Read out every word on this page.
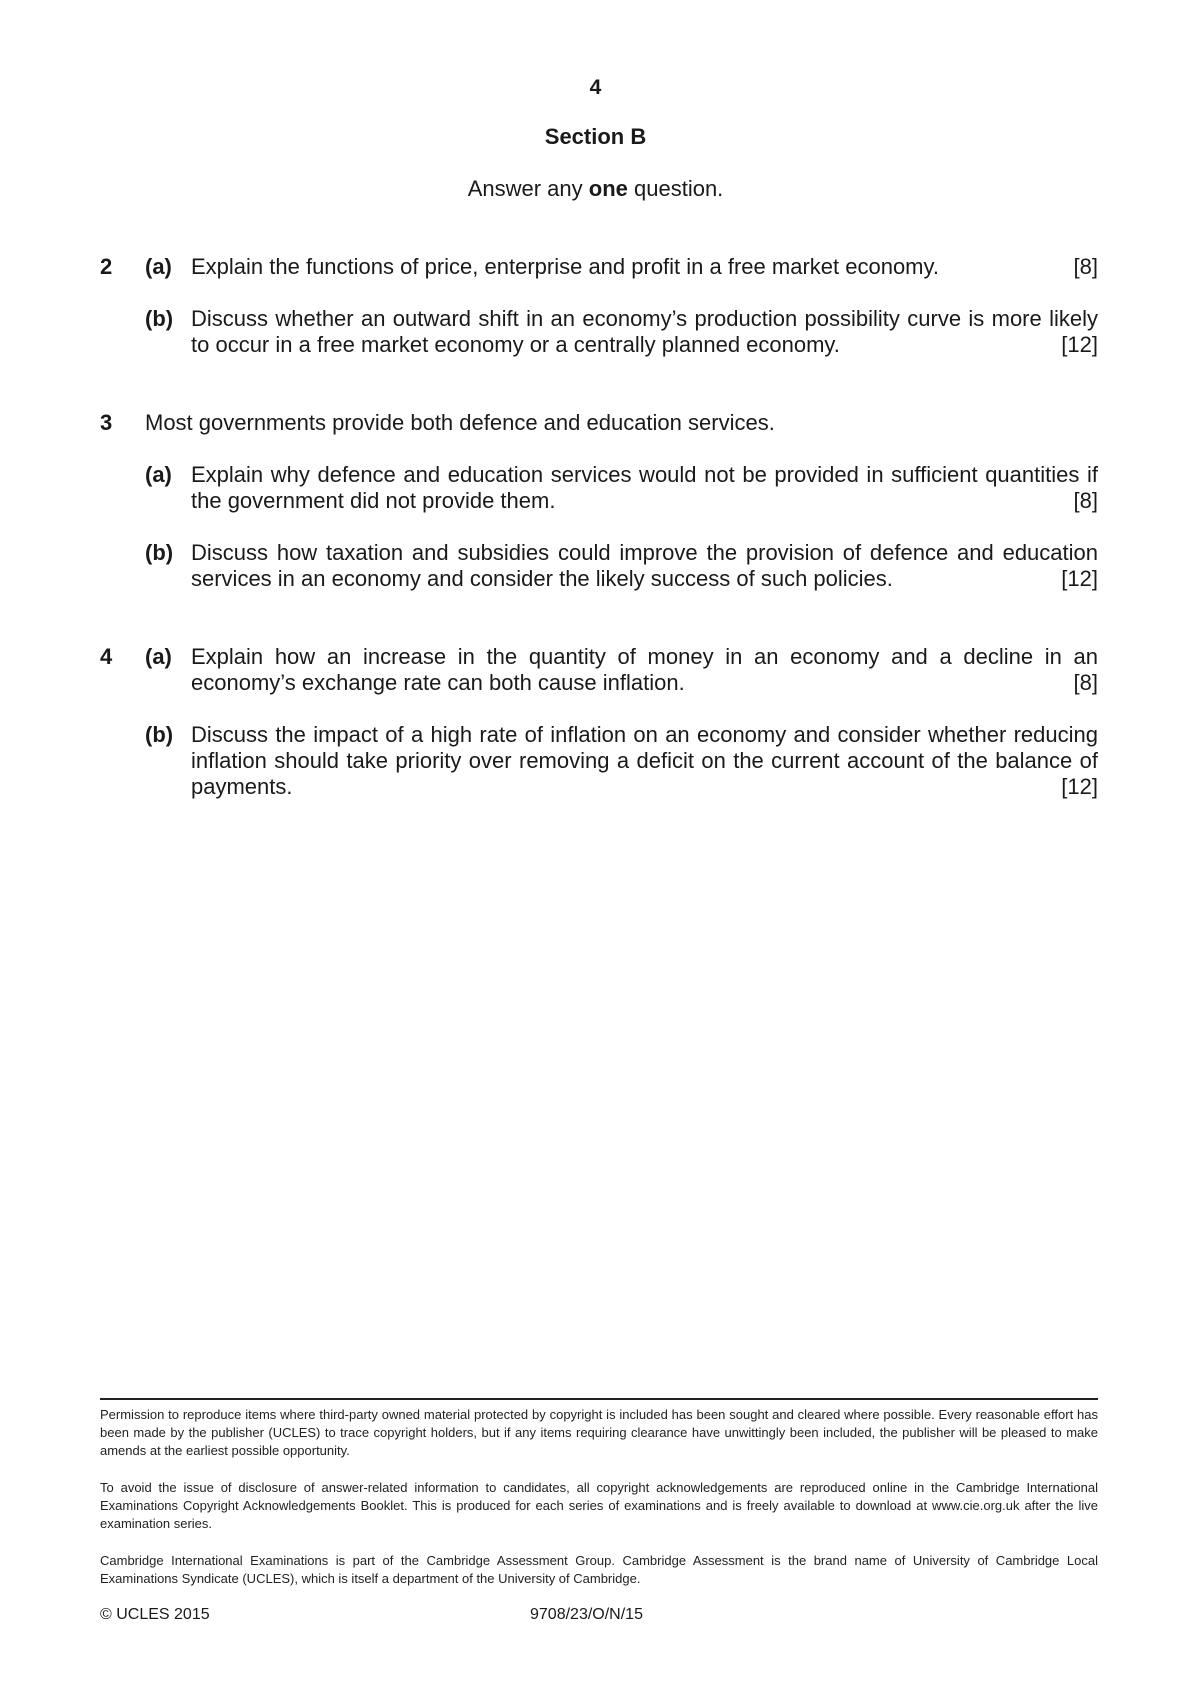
4
Section B
Answer any one question.
2 (a) Explain the functions of price, enterprise and profit in a free market economy.	[8]
(b) Discuss whether an outward shift in an economy’s production possibility curve is more likely
to occur in a free market economy or a centrally planned economy.	[12]
3 Most governments provide both defence and education services.
(a) Explain why defence and education services would not be provided in sufficient quantities if
the government did not provide them.	[8]
(b) Discuss how taxation and subsidies could improve the provision of defence and education
services in an economy and consider the likely success of such policies.	[12]
4 (a) Explain how an increase in the quantity of money in an economy and a decline in an
economy’s exchange rate can both cause inflation.	[8]
(b) Discuss the impact of a high rate of inflation on an economy and consider whether reducing
inflation should take priority over removing a deficit on the current account of the balance of
payments.	[12]
Permission to reproduce items where third-party owned material protected by copyright is included has been sought and cleared where possible. Every reasonable effort has been made by the publisher (UCLES) to trace copyright holders, but if any items requiring clearance have unwittingly been included, the publisher will be pleased to make amends at the earliest possible opportunity.
To avoid the issue of disclosure of answer-related information to candidates, all copyright acknowledgements are reproduced online in the Cambridge International Examinations Copyright Acknowledgements Booklet. This is produced for each series of examinations and is freely available to download at www.cie.org.uk after the live examination series.
Cambridge International Examinations is part of the Cambridge Assessment Group. Cambridge Assessment is the brand name of University of Cambridge Local Examinations Syndicate (UCLES), which is itself a department of the University of Cambridge.
© UCLES 2015	9708/23/O/N/15
